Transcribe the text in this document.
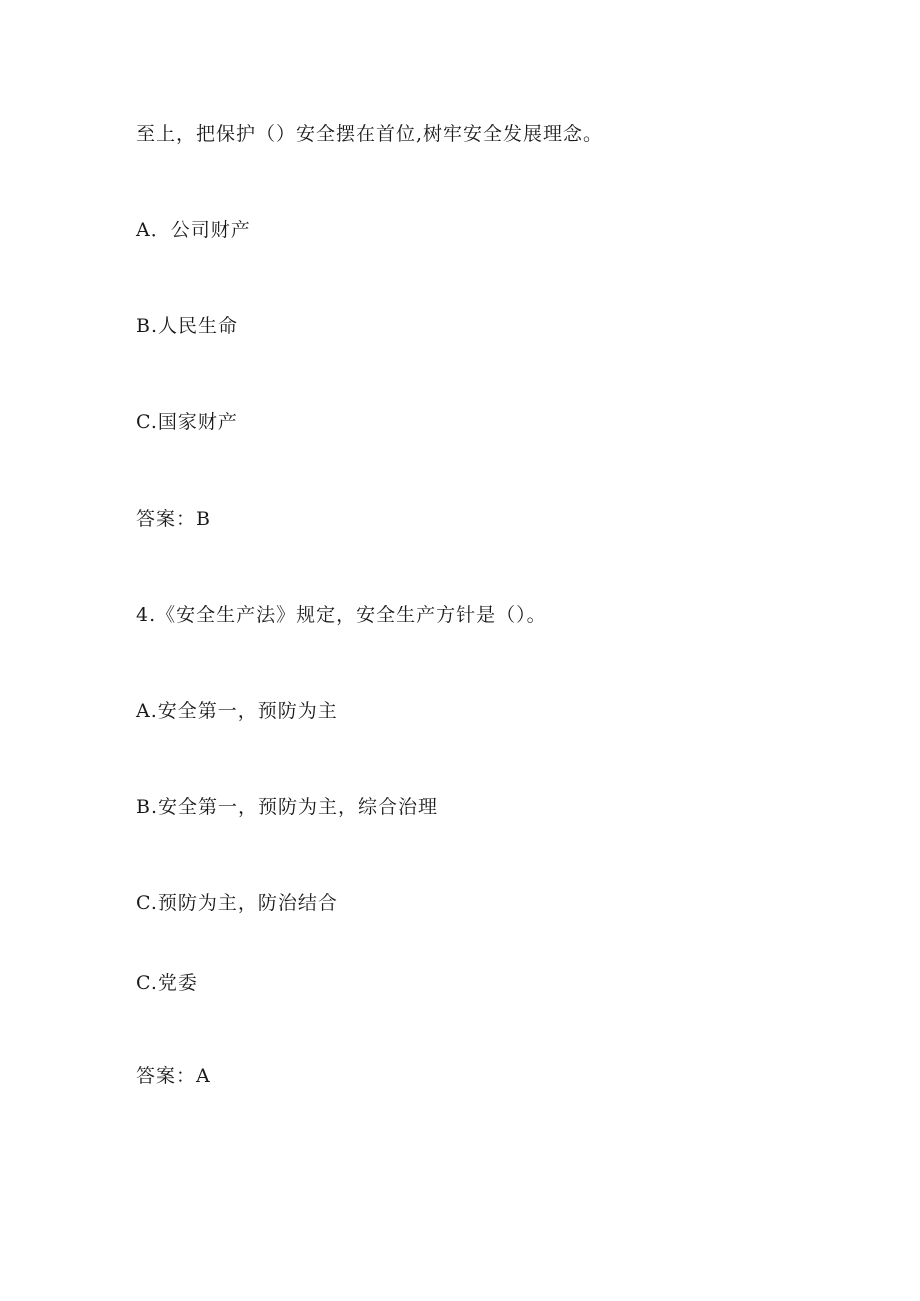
至上，把保护（）安全摆在首位,树牢安全发展理念。
A．公司财产
B.人民生命
C.国家财产
答案：B
4.《安全生产法》规定，安全生产方针是（）。
A.安全第一，预防为主
B.安全第一，预防为主，综合治理
C.预防为主，防治结合
C.党委
答案：A
